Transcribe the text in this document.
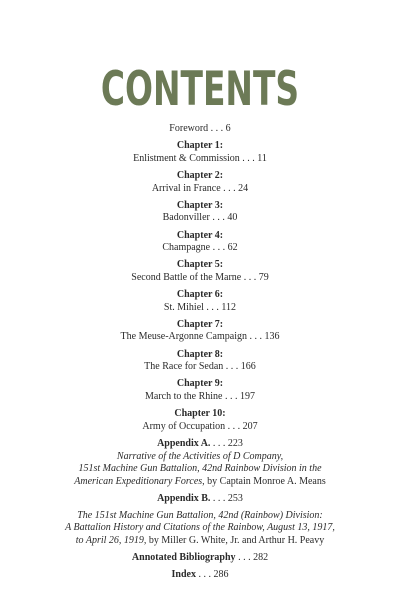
CONTENTS
Foreword . . . 6
Chapter 1:
Enlistment & Commission . . . 11
Chapter 2:
Arrival in France . . . 24
Chapter 3:
Badonviller . . . 40
Chapter 4:
Champagne . . . 62
Chapter 5:
Second Battle of the Marne . . . 79
Chapter 6:
St. Mihiel . . . 112
Chapter 7:
The Meuse-Argonne Campaign . . . 136
Chapter 8:
The Race for Sedan . . . 166
Chapter 9:
March to the Rhine . . . 197
Chapter 10:
Army of Occupation . . . 207
Appendix A. . . . 223
Narrative of the Activities of D Company,
151st Machine Gun Battalion, 42nd Rainbow Division in the
American Expeditionary Forces, by Captain Monroe A. Means
Appendix B. . . . 253
The 151st Machine Gun Battalion, 42nd (Rainbow) Division:
A Battalion History and Citations of the Rainbow, August 13, 1917,
to April 26, 1919, by Miller G. White, Jr. and Arthur H. Peavy
Annotated Bibliography . . . 282
Index . . . 286
